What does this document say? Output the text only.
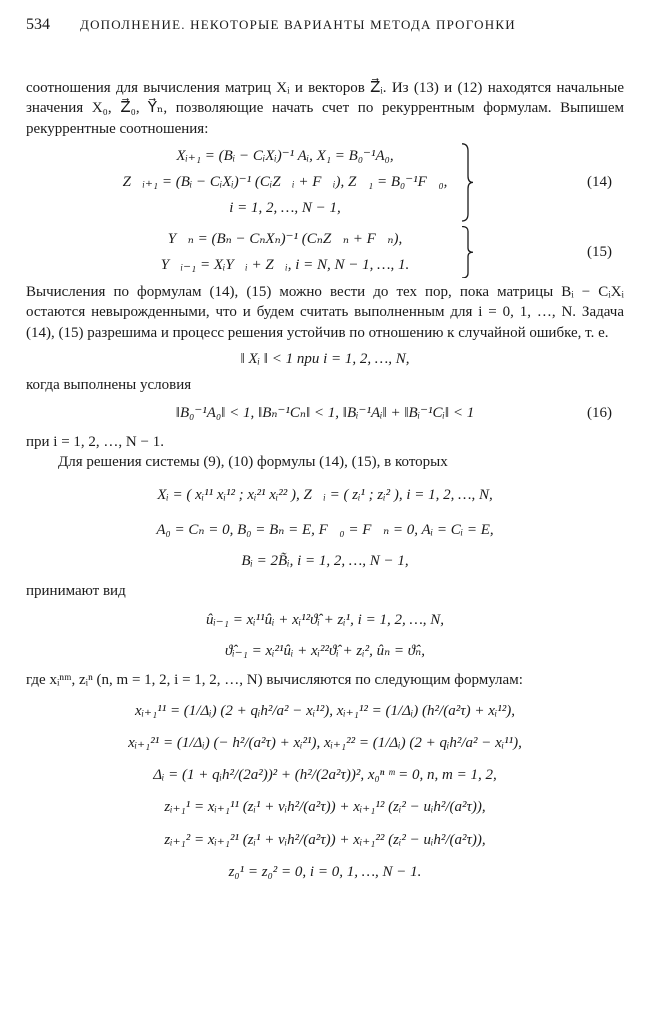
534 ДОПОЛНЕНИЕ. НЕКОТОРЫЕ ВАРИАНТЫ МЕТОДА ПРОГОНКИ

соотношения для вычисления матриц Xᵢ и векторов Z⃗ᵢ. Из (13) и (12) находятся начальные значения X₀, Z⃗₀, Y⃗ₙ, позволяющие начать счет по рекуррентным формулам. Выпишем рекуррентные соотношения:

Xᵢ₊₁ = (Bᵢ − CᵢXᵢ)⁻¹ Aᵢ, X₁ = B₀⁻¹A₀,
Z⃗ᵢ₊₁ = (Bᵢ − CᵢXᵢ)⁻¹ (CᵢZ⃗ᵢ + F⃗ᵢ), Z⃗₁ = B₀⁻¹F⃗₀,
i = 1, 2, …, N − 1,
(14)
Y⃗ₙ = (Bₙ − CₙXₙ)⁻¹ (CₙZ⃗ₙ + F⃗ₙ),
Y⃗ᵢ₋₁ = XᵢY⃗ᵢ + Z⃗ᵢ, i = N, N − 1, …, 1.
(15)

Вычисления по формулам (14), (15) можно вести до тех пор, пока матрицы Bᵢ − CᵢXᵢ остаются невырожденными, что и будем считать выполненным для i = 0, 1, …, N. Задача (14), (15) разрешима и процесс решения устойчив по отношению к случайной ошибке, т. е.

‖ Xᵢ ‖ < 1 при i = 1, 2, …, N,

когда выполнены условия

‖B₀⁻¹A₀‖ < 1, ‖Bₙ⁻¹Cₙ‖ < 1, ‖Bᵢ⁻¹Aᵢ‖ + ‖Bᵢ⁻¹Cᵢ‖ < 1	(16)

при i = 1, 2, …, N − 1.

Для решения системы (9), (10) формулы (14), (15), в которых

Xᵢ = ( xᵢ¹¹ xᵢ¹² ; xᵢ²¹ xᵢ²² ), Z⃗ᵢ = ( zᵢ¹ ; zᵢ² ), i = 1, 2, …, N,
A₀ = Cₙ = 0, B₀ = Bₙ = E, F⃗₀ = F⃗ₙ = 0, Aᵢ = Cᵢ = E,
Bᵢ = 2B̃ᵢ, i = 1, 2, …, N − 1,

принимают вид

ûᵢ₋₁ = xᵢ¹¹ûᵢ + xᵢ¹²ϑ̂ᵢ + zᵢ¹, i = 1, 2, …, N,
ϑ̂ᵢ₋₁ = xᵢ²¹ûᵢ + xᵢ²²ϑ̂ᵢ + zᵢ², ûₙ = ϑ̂ₙ,

где xᵢⁿᵐ, zᵢⁿ (n, m = 1, 2, i = 1, 2, …, N) вычисляются по следующим формулам:

xᵢ₊₁¹¹ = (1/Δᵢ) (2 + qᵢh²/a² − xᵢ¹²), xᵢ₊₁¹² = (1/Δᵢ) (h²/(a²τ) + xᵢ¹²),
xᵢ₊₁²¹ = (1/Δᵢ) (− h²/(a²τ) + xᵢ²¹), xᵢ₊₁²² = (1/Δᵢ) (2 + qᵢh²/a² − xᵢ¹¹),
Δᵢ = (1 + qᵢh²/(2a²))² + (h²/(2a²τ))², x₀ⁿ ᵐ = 0, n, m = 1, 2,
zᵢ₊₁¹ = xᵢ₊₁¹¹ (zᵢ¹ + vᵢh²/(a²τ)) + xᵢ₊₁¹² (zᵢ² − uᵢh²/(a²τ)),
zᵢ₊₁² = xᵢ₊₁²¹ (zᵢ¹ + vᵢh²/(a²τ)) + xᵢ₊₁²² (zᵢ² − uᵢh²/(a²τ)),
z₀¹ = z₀² = 0, i = 0, 1, …, N − 1.
